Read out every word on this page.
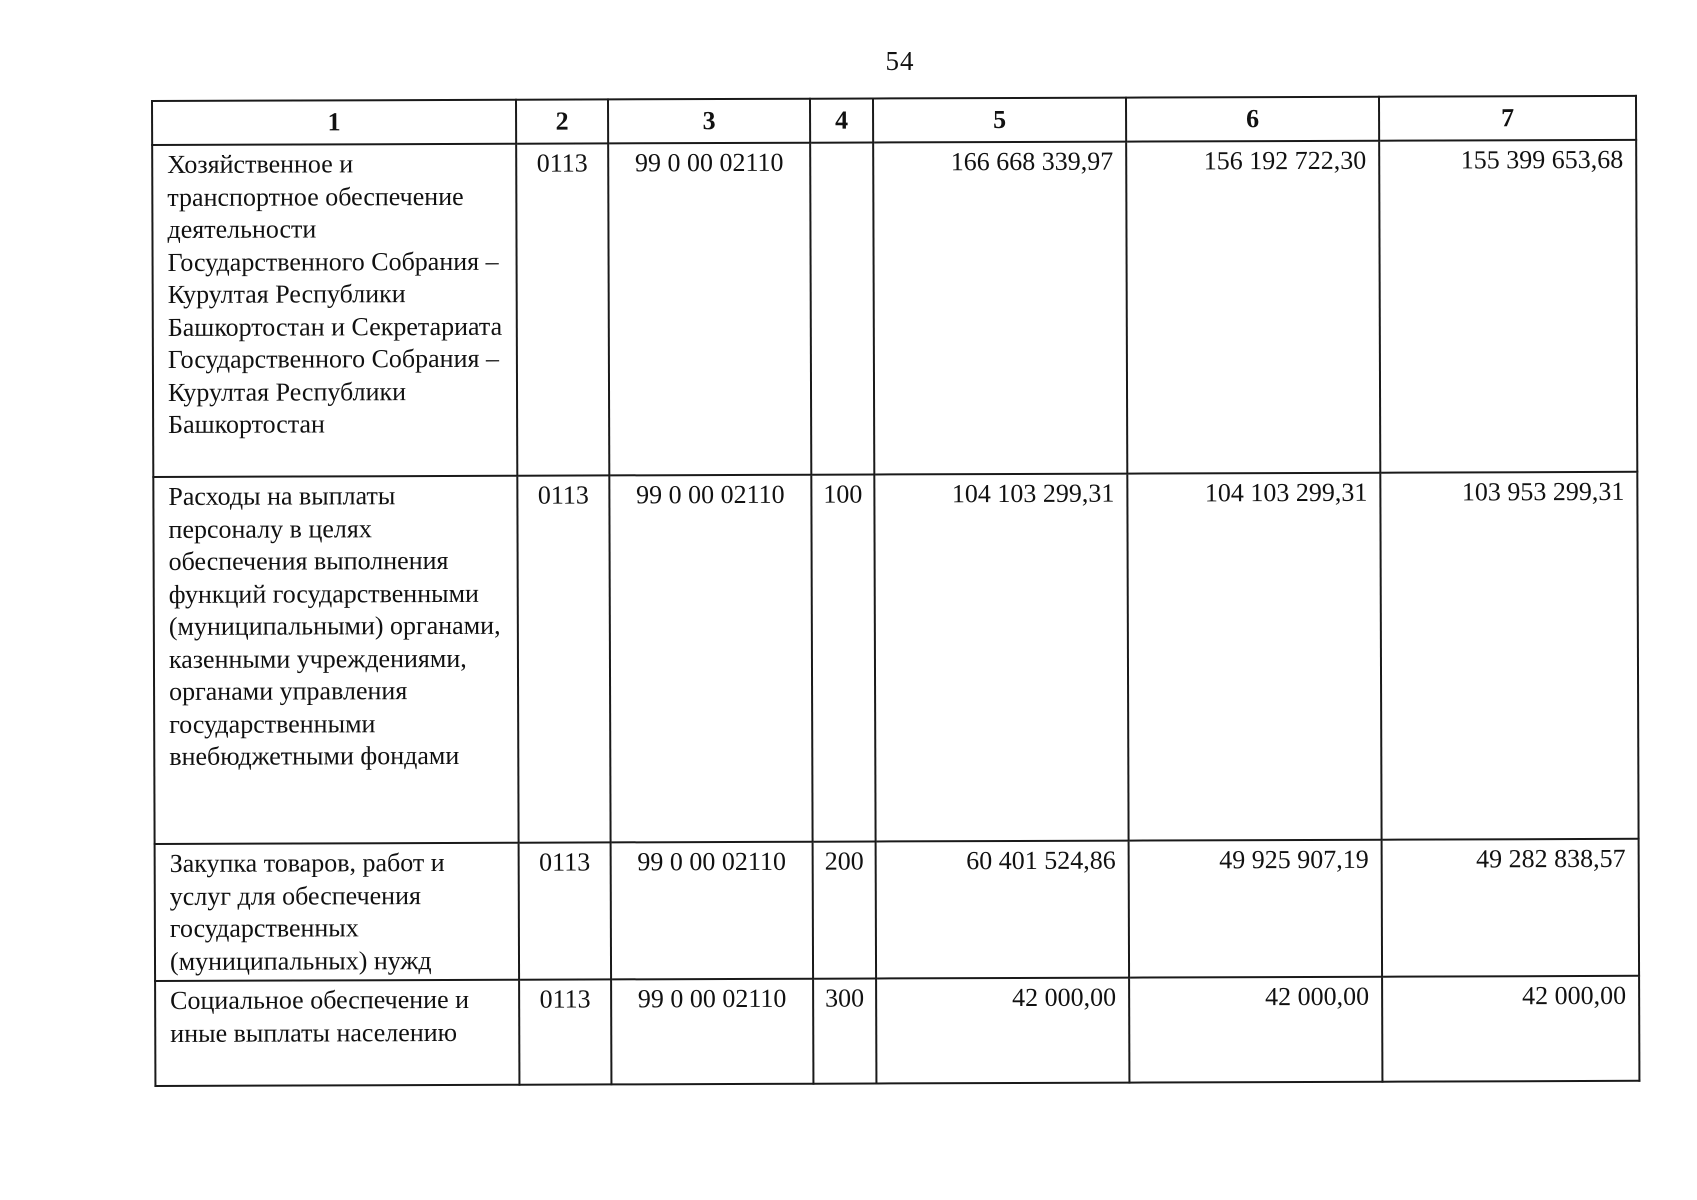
54
1	2	3	4	5	6	7
Хозяйственное и транспортное обеспечение деятельности Государственного Собрания – Курултая Республики Башкортостан и Секретариата Государственного Собрания – Курултая Республики Башкортостан	0113	99 0 00 02110		166 668 339,97	156 192 722,30	155 399 653,68
Расходы на выплаты персоналу в целях обеспечения выполнения функций государственными (муниципальными) органами, казенными учреждениями, органами управления государственными внебюджетными фондами	0113	99 0 00 02110	100	104 103 299,31	104 103 299,31	103 953 299,31
Закупка товаров, работ и услуг для обеспечения государственных (муниципальных) нужд	0113	99 0 00 02110	200	60 401 524,86	49 925 907,19	49 282 838,57
Социальное обеспечение и иные выплаты населению	0113	99 0 00 02110	300	42 000,00	42 000,00	42 000,00
